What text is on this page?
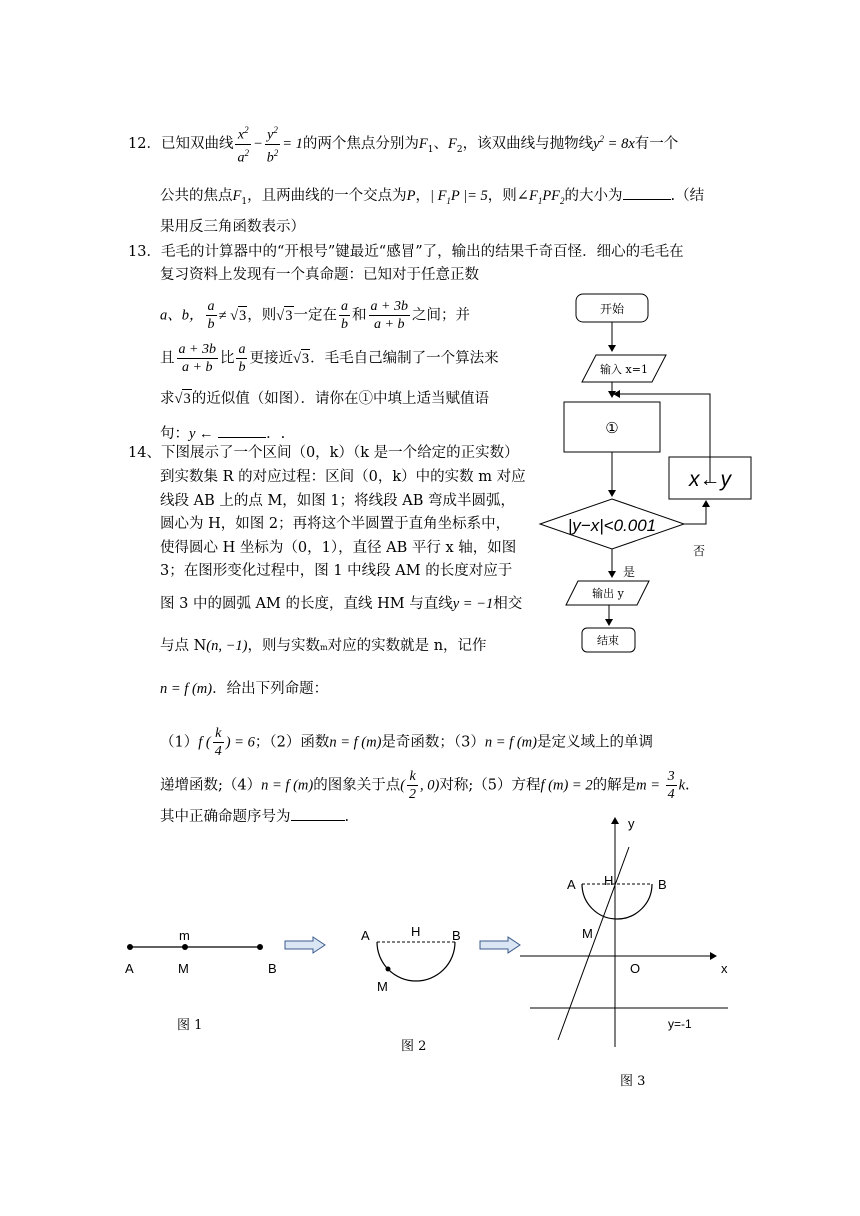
12．已知双曲线 $\frac{x^2}{a^2} - \frac{y^2}{b^2} = 1$的两个焦点分别为$F_1$、$F_2$，该双曲线与抛物线$y^2 = 8x$有一个
公共的焦点$F_1$，且两曲线的一个交点为P，| $F_1P$ |= 5，则$\angle F_1PF_2$的大小为	.（结
果用反三角函数表示）
13．毛毛的计算器中的“开根号”键最近“感冒”了，输出的结果千奇百怪．细心的毛毛在
复习资料上发现有一个真命题：已知对于任意正数
a、b， $\frac{a}{b} \ne √3$，则√3一定在 $\frac{a}{b}$ 和 $\frac{a + 3b}{a + b}$ 之间；并
且 $\frac{a + 3b}{a + b}$ 比 $\frac{a}{b}$ 更接近√3．毛毛自己编制了一个算法来
求√3的近似值（如图）．请你在①中填上适当赋值语
句：y ←	．.
14、下图展示了一个区间（0，k）（k 是一个给定的正实数）
到实数集 R 的对应过程：区间（0，k）中的实数 m 对应
线段 AB 上的点 M，如图 1；将线段 AB 弯成半圆弧，
圆心为 H，如图 2；再将这个半圆置于直角坐标系中，
使得圆心 H 坐标为（0，1），直径 AB 平行 x 轴，如图
3；在图形变化过程中，图 1 中线段 AM 的长度对应于
图 3 中的圆弧 AM 的长度，直线 HM 与直线y = −1相交
与点 N(n, −1)，则与实数m对应的实数就是 n，记作
n = f (m)．给出下列命题：
（1）f ( $\frac{k}{4}$ ) = 6；（2）函数n = f (m)是奇函数；（3）n = f (m)是定义域上的单调
递增函数;（4）n = f (m)的图象关于点( $\frac{k}{2}$ , 0)对称;（5）方程f (m) = 2的解是$m = \frac{3}{4} k$.
其中正确命题序号为	.
开始
输入 x=1
①
x←y
|y−x|<0.001
否
是
输出 y
结束
m
A	M	B
图 1
A	H B
M
图 2
y
A H	B
M
O	x
y=-1
图 3
